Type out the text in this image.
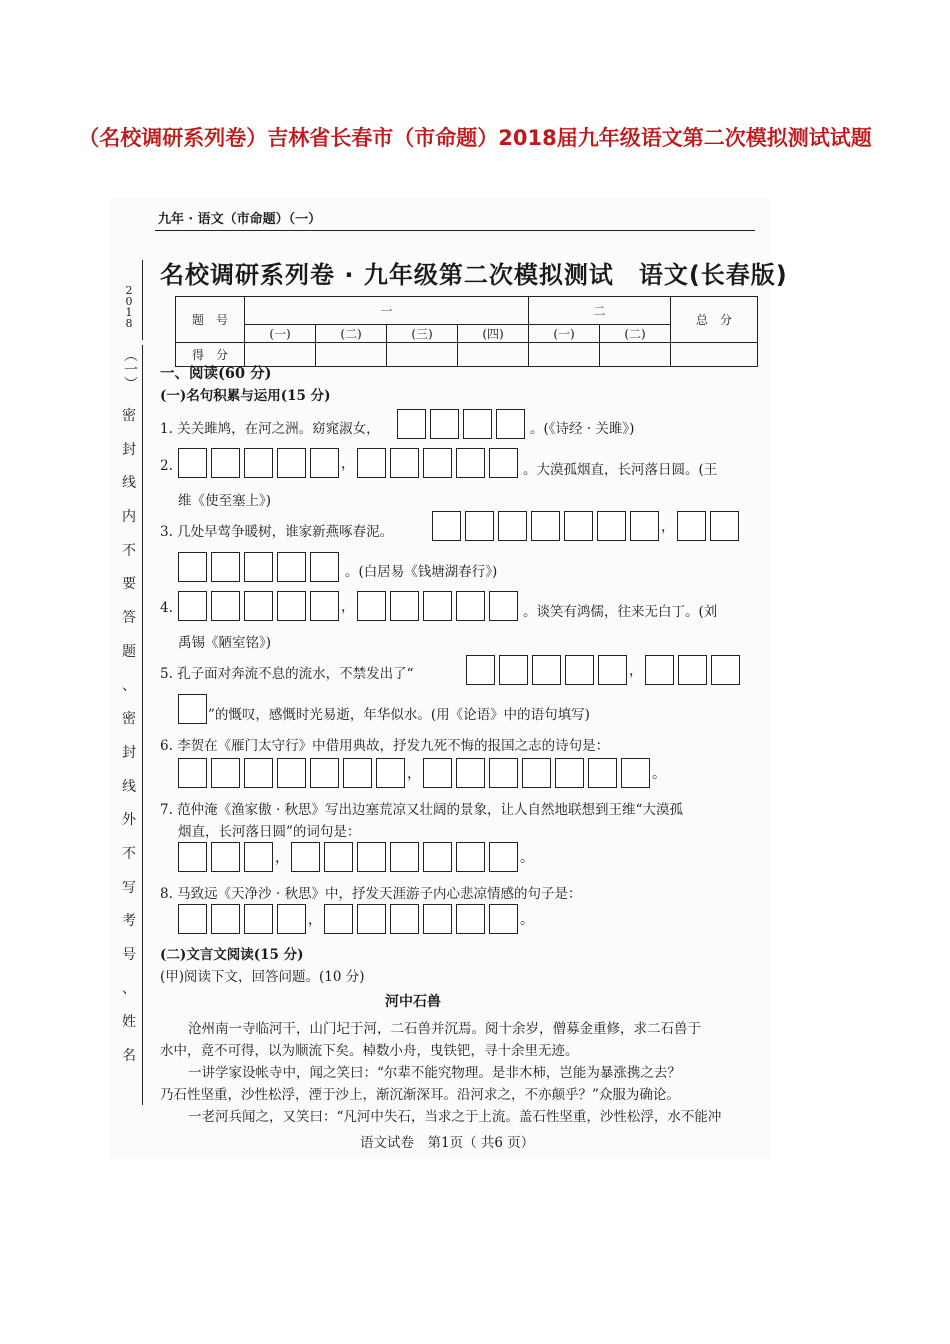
（名校调研系列卷）吉林省长春市（市命题）2018届九年级语文第二次模拟测试试题
九年 · 语文（市命题）（一）
2
0
1
8
（一）
密
封
线
内
不
要
答
题
、
密
封
线
外
不
写
考
号
、
姓
名
名校调研系列卷 · 九年级第二次模拟测试　语文(长春版)
题　号	一				二		总　分
	(一)	(二)	(三)	(四)	(一)	(二)	
得　分							
一、阅读(60 分)
(一)名句积累与运用(15 分)
1. 关关雎鸠，在河之洲。窈窕淑女，	。(《诗经 · 关雎》)
2.	，	。大漠孤烟直，长河落日圆。(王
维《使至塞上》)
3. 几处早莺争暖树，谁家新燕啄春泥。	，
。(白居易《钱塘湖春行》)
4.	，	。谈笑有鸿儒，往来无白丁。(刘
禹锡《陋室铭》)
5. 孔子面对奔流不息的流水，不禁发出了“	，
”的慨叹，感慨时光易逝，年华似水。(用《论语》中的语句填写)
6. 李贺在《雁门太守行》中借用典故，抒发九死不悔的报国之志的诗句是：
，	。
7. 范仲淹《渔家傲 · 秋思》写出边塞荒凉又壮阔的景象，让人自然地联想到王维“大漠孤
烟直，长河落日圆”的词句是：
，	。
8. 马致远《天净沙 · 秋思》中，抒发天涯游子内心悲凉情感的句子是：
，	。
(二)文言文阅读(15 分)
(甲)阅读下文，回答问题。(10 分)
河中石兽
沧州南一寺临河干，山门圮于河，二石兽并沉焉。阅十余岁，僧募金重修，求二石兽于
水中，竟不可得，以为顺流下矣。棹数小舟，曳铁钯，寻十余里无迹。
一讲学家设帐寺中，闻之笑曰：“尔辈不能究物理。是非木柿，岂能为暴涨携之去？
乃石性坚重，沙性松浮，湮于沙上，渐沉渐深耳。沿河求之，不亦颠乎？”众服为确论。
一老河兵闻之，又笑曰：“凡河中失石，当求之于上流。盖石性坚重，沙性松浮，水不能冲
语文试卷　第1页（ 共6 页）
